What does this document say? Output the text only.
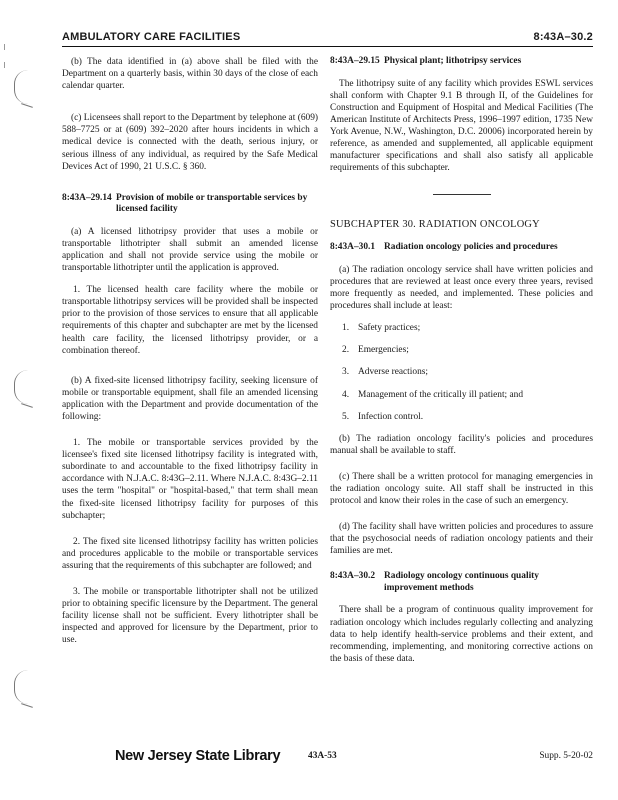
AMBULATORY CARE FACILITIES	8:43A–30.2

(b) The data identified in (a) above shall be filed with the Department on a quarterly basis, within 30 days of the close of each calendar quarter.

(c) Licensees shall report to the Department by telephone at (609) 588–7725 or at (609) 392–2020 after hours incidents in which a medical device is connected with the death, serious injury, or serious illness of any individual, as required by the Safe Medical Devices Act of 1990, 21 U.S.C. § 360.

8:43A–29.14 Provision of mobile or transportable services by licensed facility

(a) A licensed lithotripsy provider that uses a mobile or transportable lithotripter shall submit an amended license application and shall not provide service using the mobile or transportable lithotripter until the application is approved.

1. The licensed health care facility where the mobile or transportable lithotripsy services will be provided shall be inspected prior to the provision of those services to ensure that all applicable requirements of this chapter and subchapter are met by the licensed health care facility, the licensed lithotripsy provider, or a combination thereof.

(b) A fixed-site licensed lithotripsy facility, seeking licensure of mobile or transportable equipment, shall file an amended licensing application with the Department and provide documentation of the following:

1. The mobile or transportable services provided by the licensee's fixed site licensed lithotripsy facility is integrated with, subordinate to and accountable to the fixed lithotripsy facility in accordance with N.J.A.C. 8:43G–2.11. Where N.J.A.C. 8:43G–2.11 uses the term "hospital" or "hospital-based," that term shall mean the fixed-site licensed lithotripsy facility for purposes of this subchapter;

2. The fixed site licensed lithotripsy facility has written policies and procedures applicable to the mobile or transportable services assuring that the requirements of this subchapter are followed; and

3. The mobile or transportable lithotripter shall not be utilized prior to obtaining specific licensure by the Department. The general facility license shall not be sufficient. Every lithotripter shall be inspected and approved for licensure by the Department, prior to use.

8:43A–29.15 Physical plant; lithotripsy services

The lithotripsy suite of any facility which provides ESWL services shall conform with Chapter 9.1 B through II, of the Guidelines for Construction and Equipment of Hospital and Medical Facilities (The American Institute of Architects Press, 1996–1997 edition, 1735 New York Avenue, N.W., Washington, D.C. 20006) incorporated herein by reference, as amended and supplemented, all applicable equipment manufacturer specifications and shall also satisfy all applicable requirements of this subchapter.

SUBCHAPTER 30. RADIATION ONCOLOGY
8:43A–30.1 Radiation oncology policies and procedures

(a) The radiation oncology service shall have written policies and procedures that are reviewed at least once every three years, revised more frequently as needed, and implemented. These policies and procedures shall include at least:

1. Safety practices;
2. Emergencies;
3. Adverse reactions;
4. Management of the critically ill patient; and
5. Infection control.

(b) The radiation oncology facility's policies and procedures manual shall be available to staff.

(c) There shall be a written protocol for managing emergencies in the radiation oncology suite. All staff shall be instructed in this protocol and know their roles in the case of such an emergency.

(d) The facility shall have written policies and procedures to assure that the psychosocial needs of radiation oncology patients and their families are met.

8:43A–30.2 Radiology oncology continuous quality improvement methods

There shall be a program of continuous quality improvement for radiation oncology which includes regularly collecting and analyzing data to help identify health-service problems and their extent, and recommending, implementing, and monitoring corrective actions on the basis of these data.

New Jersey State Library	43A-53	Supp. 5-20-02
